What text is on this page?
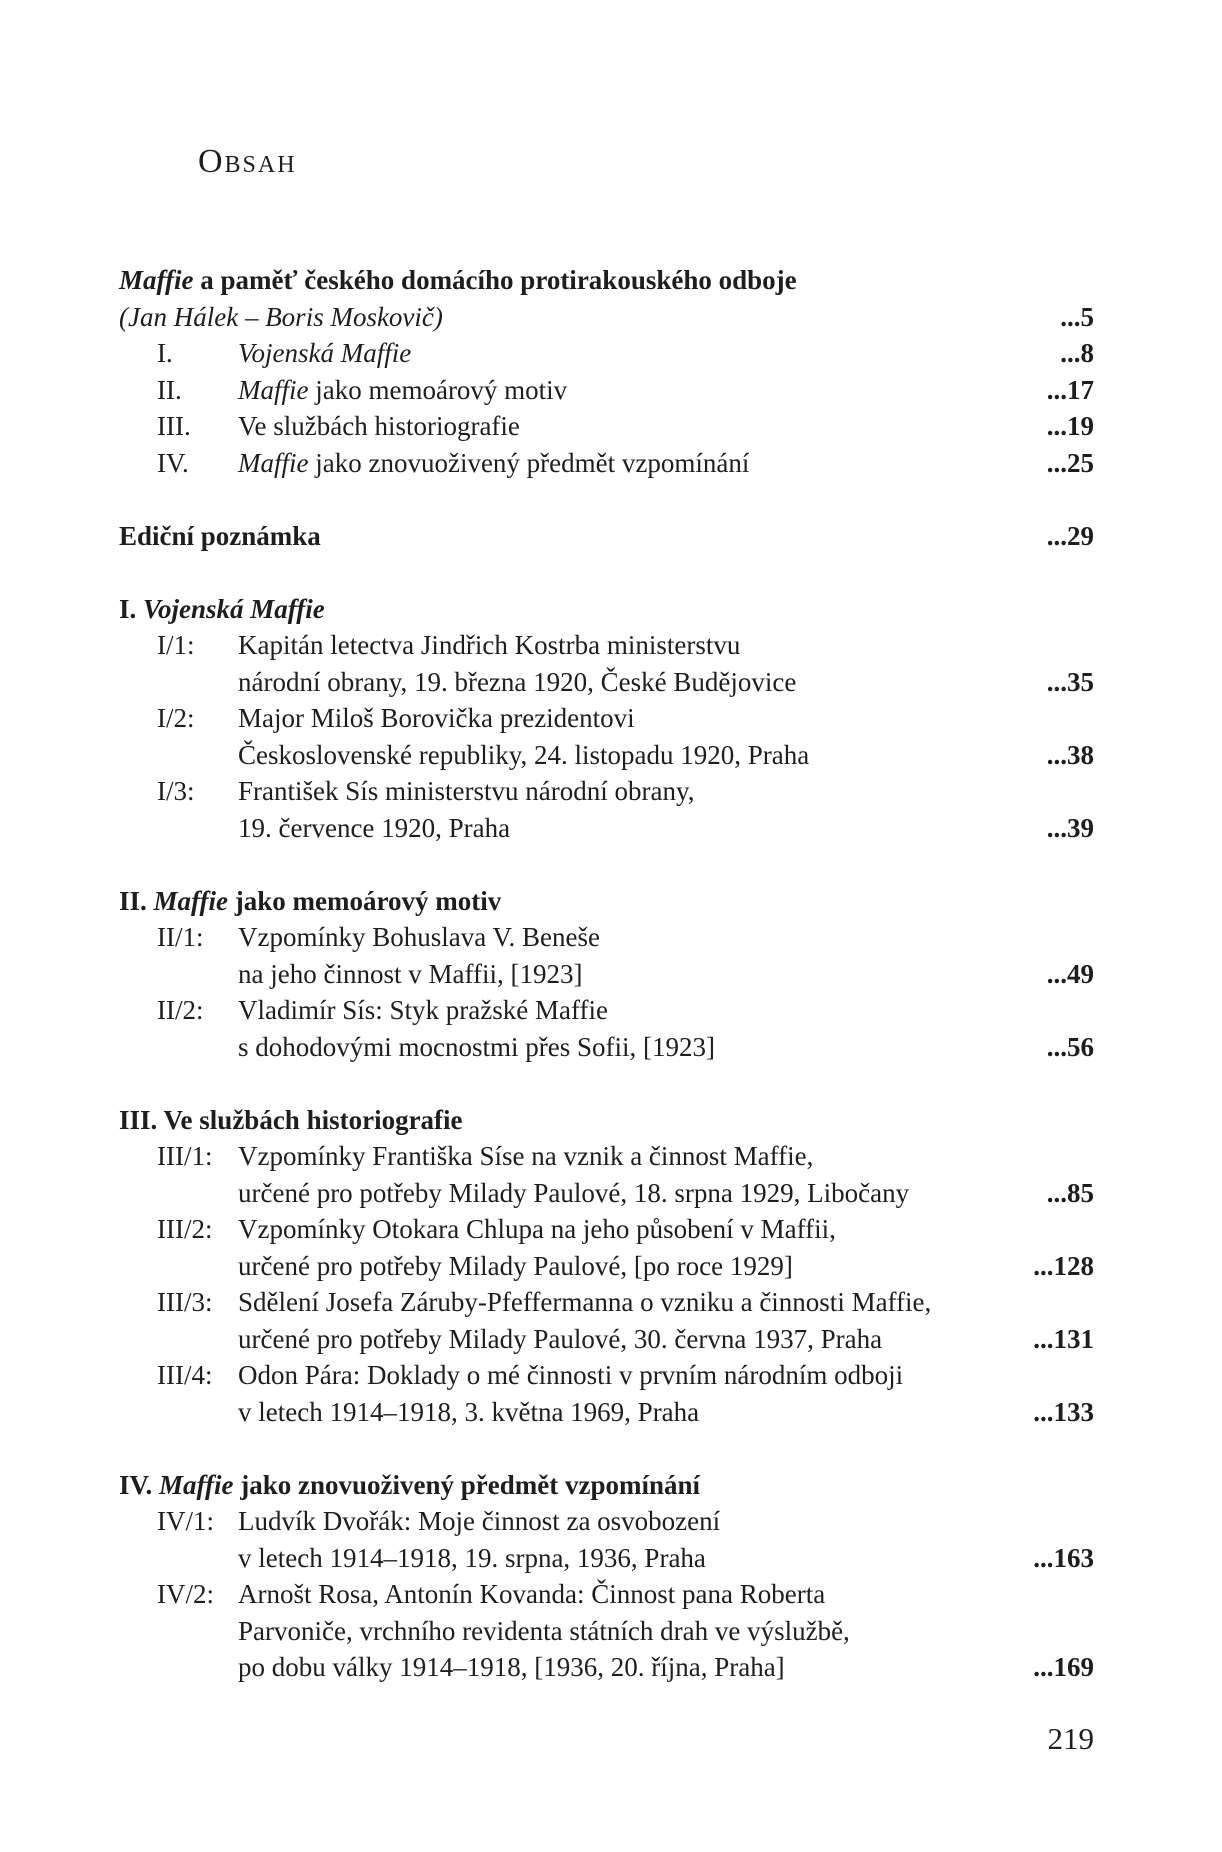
Obsah
Maffie a paměť českého domácího protirakouského odboje
(Jan Hálek – Boris Moskovič)	...5
I. Vojenská Maffie	...8
II. Maffie jako memoárový motiv	...17
III. Ve službách historiografie	...19
IV. Maffie jako znovuoživený předmět vzpomínání	...25
Ediční poznámka	...29
I. Vojenská Maffie
I/1: Kapitán letectva Jindřich Kostrba ministerstvu
národní obrany, 19. března 1920, České Budějovice	...35
I/2: Major Miloš Borovička prezidentovi
Československé republiky, 24. listopadu 1920, Praha	...38
I/3: František Sís ministerstvu národní obrany,
19. července 1920, Praha	...39
II. Maffie jako memoárový motiv
II/1: Vzpomínky Bohuslava V. Beneše
na jeho činnost v Maffii, [1923]	...49
II/2: Vladimír Sís: Styk pražské Maffie
s dohodovými mocnostmi přes Sofii, [1923]	...56
III. Ve službách historiografie
III/1: Vzpomínky Františka Síse na vznik a činnost Maffie,
určené pro potřeby Milady Paulové, 18. srpna 1929, Libočany	...85
III/2: Vzpomínky Otokara Chlupa na jeho působení v Maffii,
určené pro potřeby Milady Paulové, [po roce 1929]	...128
III/3: Sdělení Josefa Záruby-Pfeffermanna o vzniku a činnosti Maffie,
určené pro potřeby Milady Paulové, 30. června 1937, Praha	...131
III/4: Odon Pára: Doklady o mé činnosti v prvním národním odboji
v letech 1914–1918, 3. května 1969, Praha	...133
IV. Maffie jako znovuoživený předmět vzpomínání
IV/1: Ludvík Dvořák: Moje činnost za osvobození
v letech 1914–1918, 19. srpna, 1936, Praha	...163
IV/2: Arnošt Rosa, Antonín Kovanda: Činnost pana Roberta
Parvoniče, vrchního revidenta státních drah ve výslužbě,
po dobu války 1914–1918, [1936, 20. října, Praha]	...169
219
